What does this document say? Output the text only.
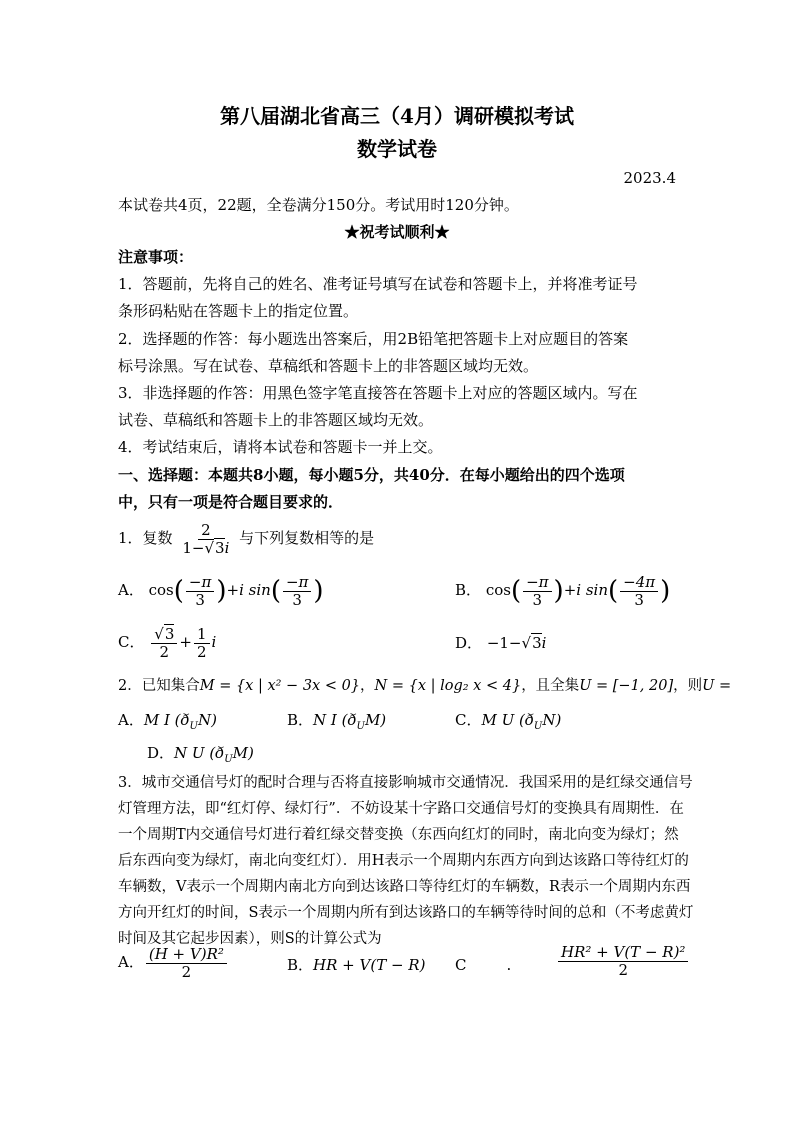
第八届湖北省高三（4月）调研模拟考试
数学试卷
2023.4
本试卷共4页，22题，全卷满分150分。考试用时120分钟。
★祝考试顺利★
注意事项：
1．答题前，先将自己的姓名、准考证号填写在试卷和答题卡上，并将准考证号
条形码粘贴在答题卡上的指定位置。
2．选择题的作答：每小题选出答案后，用2B铅笔把答题卡上对应题目的答案
标号涂黑。写在试卷、草稿纸和答题卡上的非答题区域均无效。
3．非选择题的作答：用黑色签字笔直接答在答题卡上对应的答题区域内。写在
试卷、草稿纸和答题卡上的非答题区域均无效。
4．考试结束后，请将本试卷和答题卡一并上交。
一、选择题：本题共8小题，每小题5分，共40分．在每小题给出的四个选项
中，只有一项是符合题目要求的．
1．复数 $\frac{2}{1-√3i}$ 与下列复数相等的是
A． $\cos( \frac{-\pi}{3} )+i$ $\sin( \frac{-\pi}{3}$ )	B． $\cos( \frac{-\pi}{3} )+i$ $\sin( \frac{-4\pi}{3}$ )
C． $\frac{√3}{2} + \frac{1}{2}$ i	D． −1−√3i
2．已知集合M = {x | x² − 3x < 0}，N = {x | log₂ x < 4}，且全集U = [−1, 20]，则U =
A．M I $(ð_UN)$	B．N I $(ð_UM)$	C．M U $(ð_UN)$
D．N U $(ð_UM)$
3．城市交通信号灯的配时合理与否将直接影响城市交通情况．我国采用的是红绿交通信号
灯管理方法，即“红灯停、绿灯行”．不妨设某十字路口交通信号灯的变换具有周期性．在
一个周期T内交通信号灯进行着红绿交替变换（东西向红灯的同时，南北向变为绿灯；然
后东西向变为绿灯，南北向变红灯）．用H表示一个周期内东西方向到达该路口等待红灯的
车辆数，V表示一个周期内南北方向到达该路口等待红灯的车辆数，R表示一个周期内东西
方向开红灯的时间，S表示一个周期内所有到达该路口的车辆等待时间的总和（不考虑黄灯
时间及其它起步因素），则S的计算公式为
A． $\frac{\text{(H + V)R²}}{2}$	B．HR + V(T − R) C	.	$\frac{\text{HR² + V(T − R)²}}{2}$
